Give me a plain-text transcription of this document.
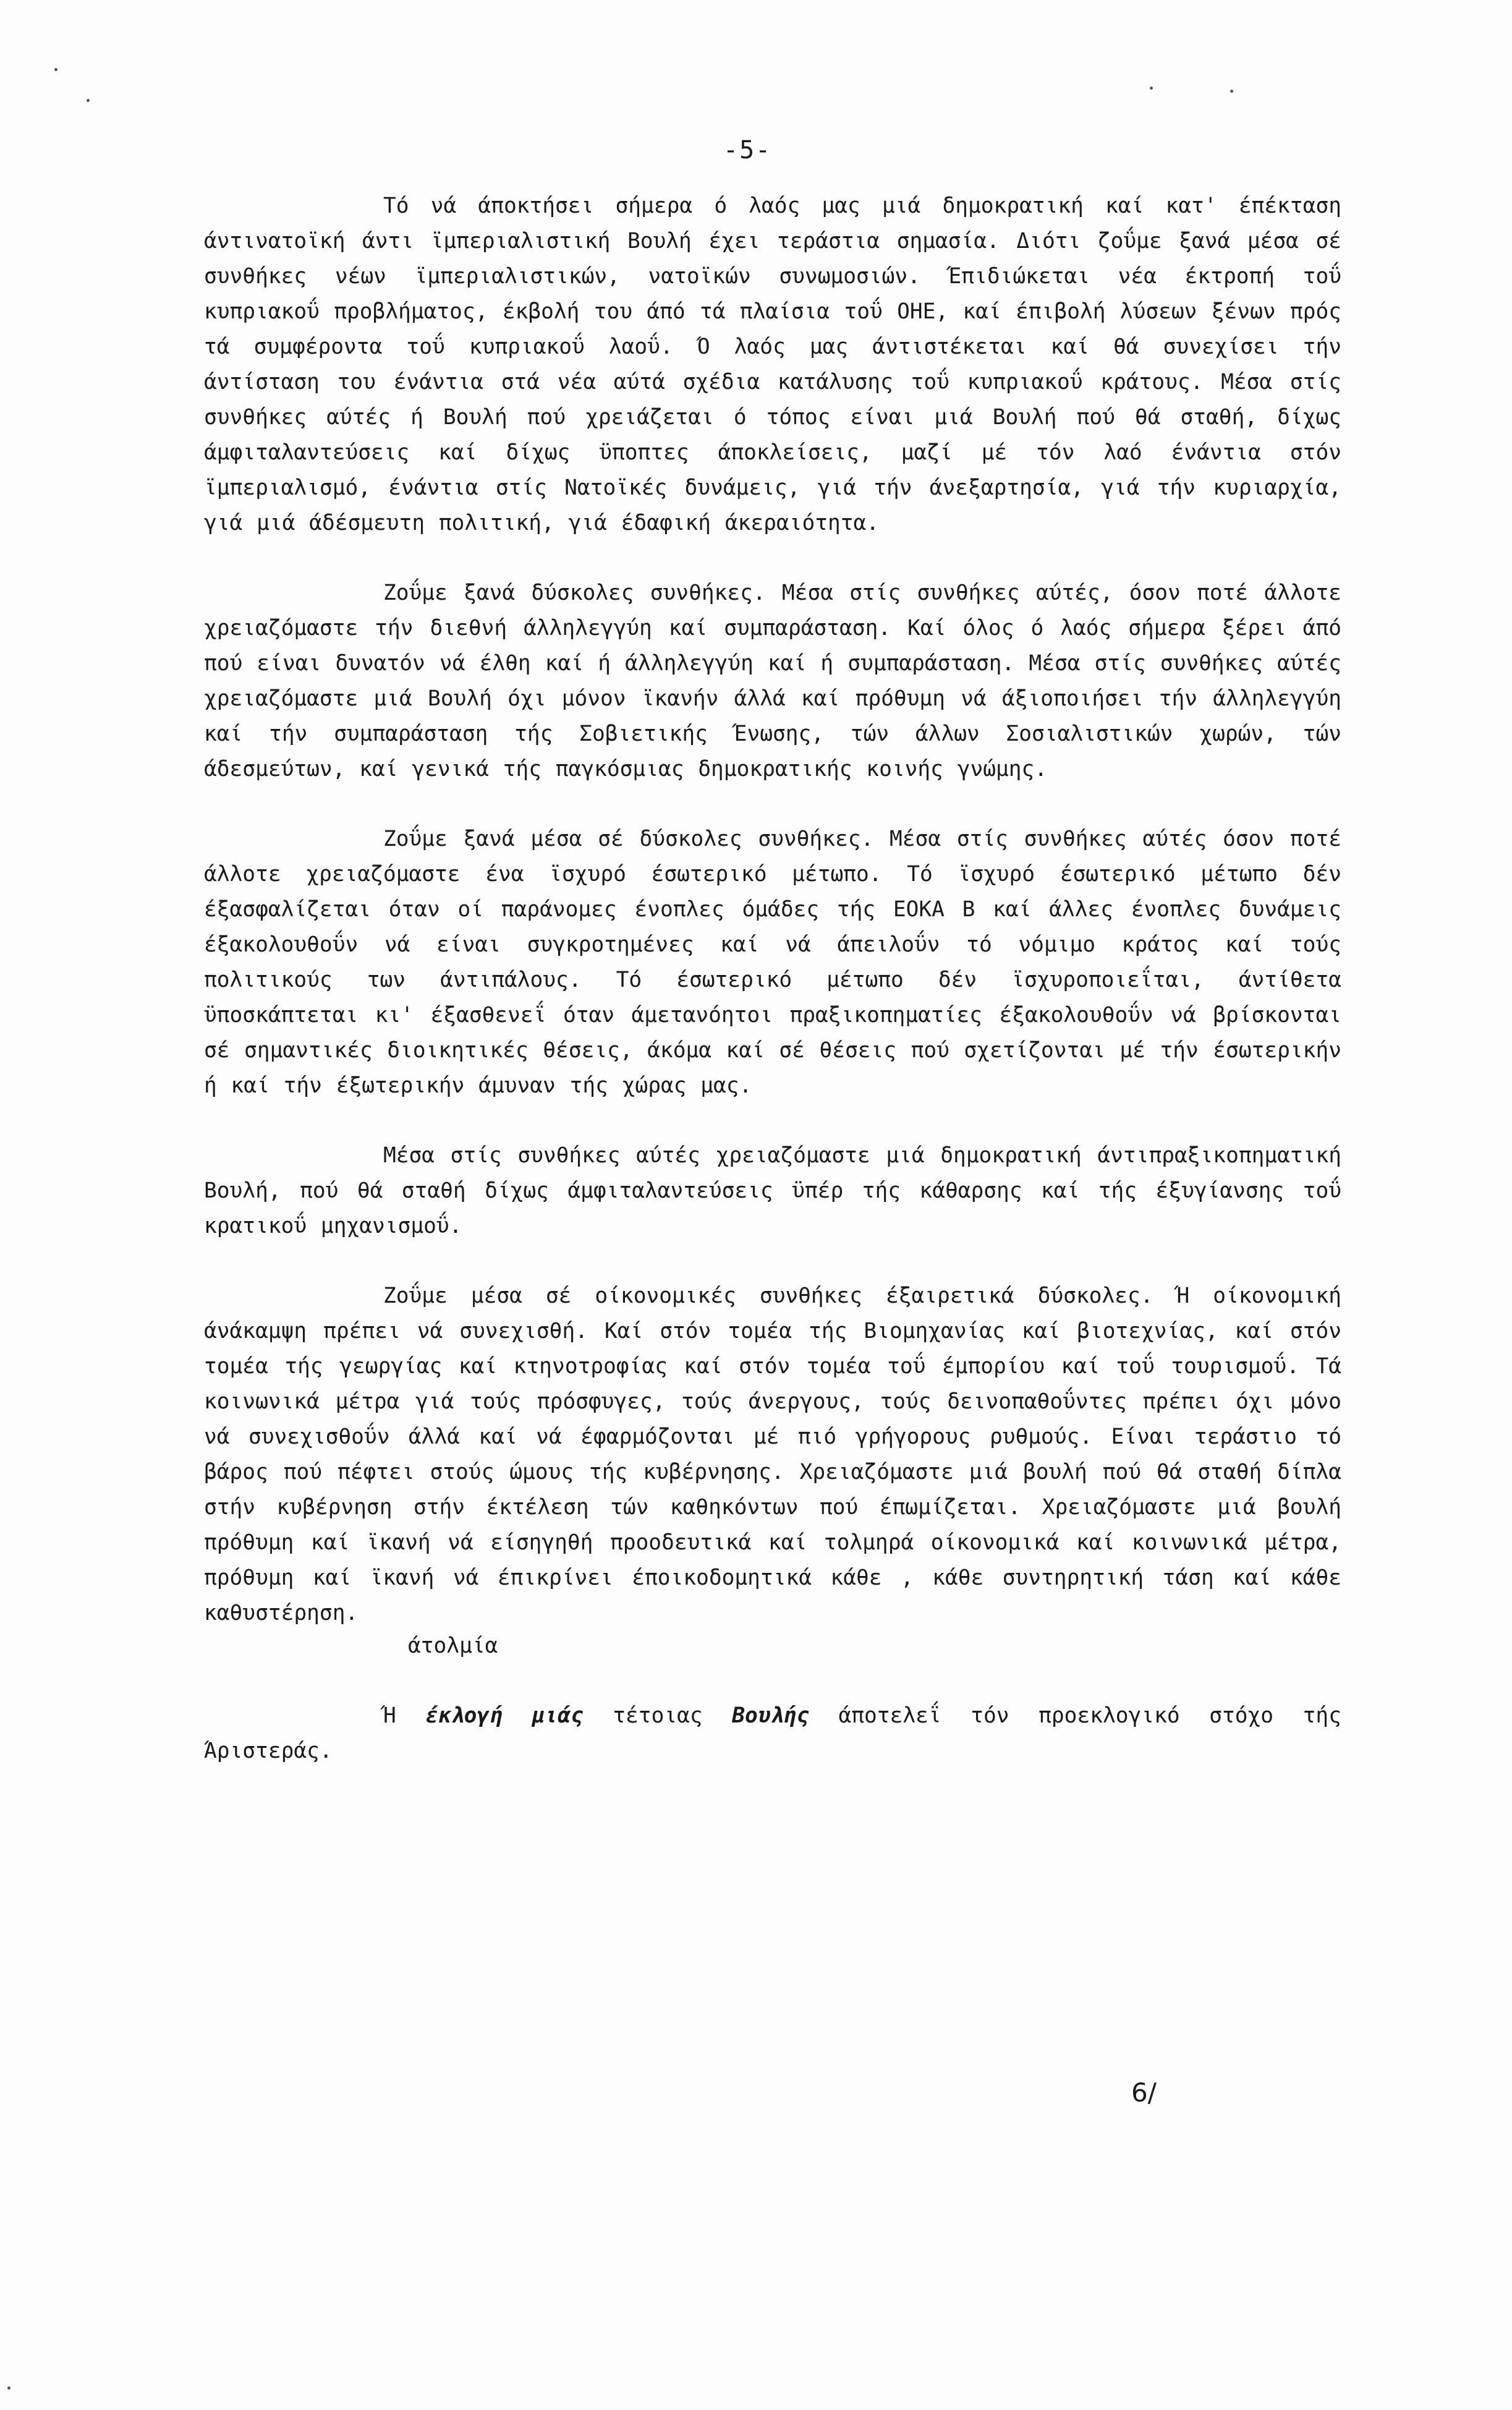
-5-

Τό νά άποκτήσει σήμερα ό λαός μας μιά δημοκρατική καί κατ' έπέκταση άντινατοϊκή άντι ϊμπεριαλιστική Βουλή έχει τεράστια σημασία. Διότι ζοΰμε ξανά μέσα σέ συνθήκες νέων ϊμπεριαλιστικών, νατοϊκών συνωμοσιών. Έπιδιώκεται νέα έκτροπή τοΰ κυπριακοΰ προβλήματος, έκβολή του άπό τά πλαίσια τοΰ ΟΗΕ, καί έπιβολή λύσεων ξένων πρός τά συμφέροντα τοΰ κυπριακοΰ λαοΰ. Ό λαός μας άντιστέκεται καί θά συνεχίσει τήν άντίσταση του ένάντια στά νέα αύτά σχέδια κατάλυσης τοΰ κυπριακοΰ κράτους. Μέσα στίς συνθήκες αύτές ή Βουλή πού χρειάζεται ό τόπος είναι μιά Βουλή πού θά σταθή, δίχως άμφιταλαντεύσεις καί δίχως ϋποπτες άποκλείσεις, μαζί μέ τόν λαό ένάντια στόν ϊμπεριαλισμό, ένάντια στίς Νατοϊκές δυνάμεις, γιά τήν άνεξαρτησία, γιά τήν κυριαρχία, γιά μιά άδέσμευτη πολιτική, γιά έδαφική άκεραιότητα.

Ζοΰμε ξανά δύσκολες συνθήκες. Μέσα στίς συνθήκες αύτές, όσον ποτέ άλλοτε χρειαζόμαστε τήν διεθνή άλληλεγγύη καί συμπαράσταση. Καί όλος ό λαός σήμερα ξέρει άπό πού είναι δυνατόν νά έλθη καί ή άλληλεγγύη καί ή συμπαράσταση. Μέσα στίς συνθήκες αύτές χρειαζόμαστε μιά Βουλή όχι μόνον ϊκανήν άλλά καί πρόθυμη νά άξιοποιήσει τήν άλληλεγγύη καί τήν συμπαράσταση τής Σοβιετικής Ένωσης, τών άλλων Σοσιαλιστικών χωρών, τών άδεσμεύτων, καί γενικά τής παγκόσμιας δημοκρατικής κοινής γνώμης.

Ζοΰμε ξανά μέσα σέ δύσκολες συνθήκες. Μέσα στίς συνθήκες αύτές όσον ποτέ άλλοτε χρειαζόμαστε ένα ϊσχυρό έσωτερικό μέτωπο. Τό ϊσχυρό έσωτερικό μέτωπο δέν έξασφαλίζεται όταν οί παράνομες ένοπλες όμάδες τής ΕΟΚΑ Β καί άλλες ένοπλες δυνάμεις έξακολουθοΰν νά είναι συγκροτημένες καί νά άπειλοΰν τό νόμιμο κράτος καί τούς πολιτικούς των άντιπάλους. Τό έσωτερικό μέτωπο δέν ϊσχυροποιεΐται, άντίθετα ϋποσκάπτεται κι' έξασθενεΐ όταν άμετανόητοι πραξικοπηματίες έξακολουθοΰν νά βρίσκονται σέ σημαντικές διοικητικές θέσεις, άκόμα καί σέ θέσεις πού σχετίζονται μέ τήν έσωτερικήν ή καί τήν έξωτερικήν άμυναν τής χώρας μας.

Μέσα στίς συνθήκες αύτές χρειαζόμαστε μιά δημοκρατική άντιπραξικοπηματική Βουλή, πού θά σταθή δίχως άμφιταλαντεύσεις ϋπέρ τής κάθαρσης καί τής έξυγίανσης τοΰ κρατικοΰ μηχανισμοΰ.

Ζοΰμε μέσα σέ οίκονομικές συνθήκες έξαιρετικά δύσκολες. Ή οίκονομική άνάκαμψη πρέπει νά συνεχισθή. Καί στόν τομέα τής Βιομηχανίας καί βιοτεχνίας, καί στόν τομέα τής γεωργίας καί κτηνοτροφίας καί στόν τομέα τοΰ έμπορίου καί τοΰ τουρισμοΰ. Τά κοινωνικά μέτρα γιά τούς πρόσφυγες, τούς άνεργους, τούς δεινοπαθοΰντες πρέπει όχι μόνο νά συνεχισθοΰν άλλά καί νά έφαρμόζονται μέ πιό γρήγορους ρυθμούς. Είναι τεράστιο τό βάρος πού πέφτει στούς ώμους τής κυβέρνησης. Χρειαζόμαστε μιά βουλή πού θά σταθή δίπλα στήν κυβέρνηση στήν έκτέλεση τών καθηκόντων πού έπωμίζεται. Χρειαζόμαστε μιά βουλή πρόθυμη καί ϊκανή νά είσηγηθή προοδευτικά καί τολμηρά οίκονομικά καί κοινωνικά μέτρα, πρόθυμη καί ϊκανή νά έπικρίνει έποικοδομητικά κάθε , κάθε συντηρητική τάση καί κάθε καθυστέρηση.

άτολμία

Ή έκλογή μιάς τέτοιας Βουλής άποτελεΐ τόν προεκλογικό στόχο τής Άριστεράς.

6/
